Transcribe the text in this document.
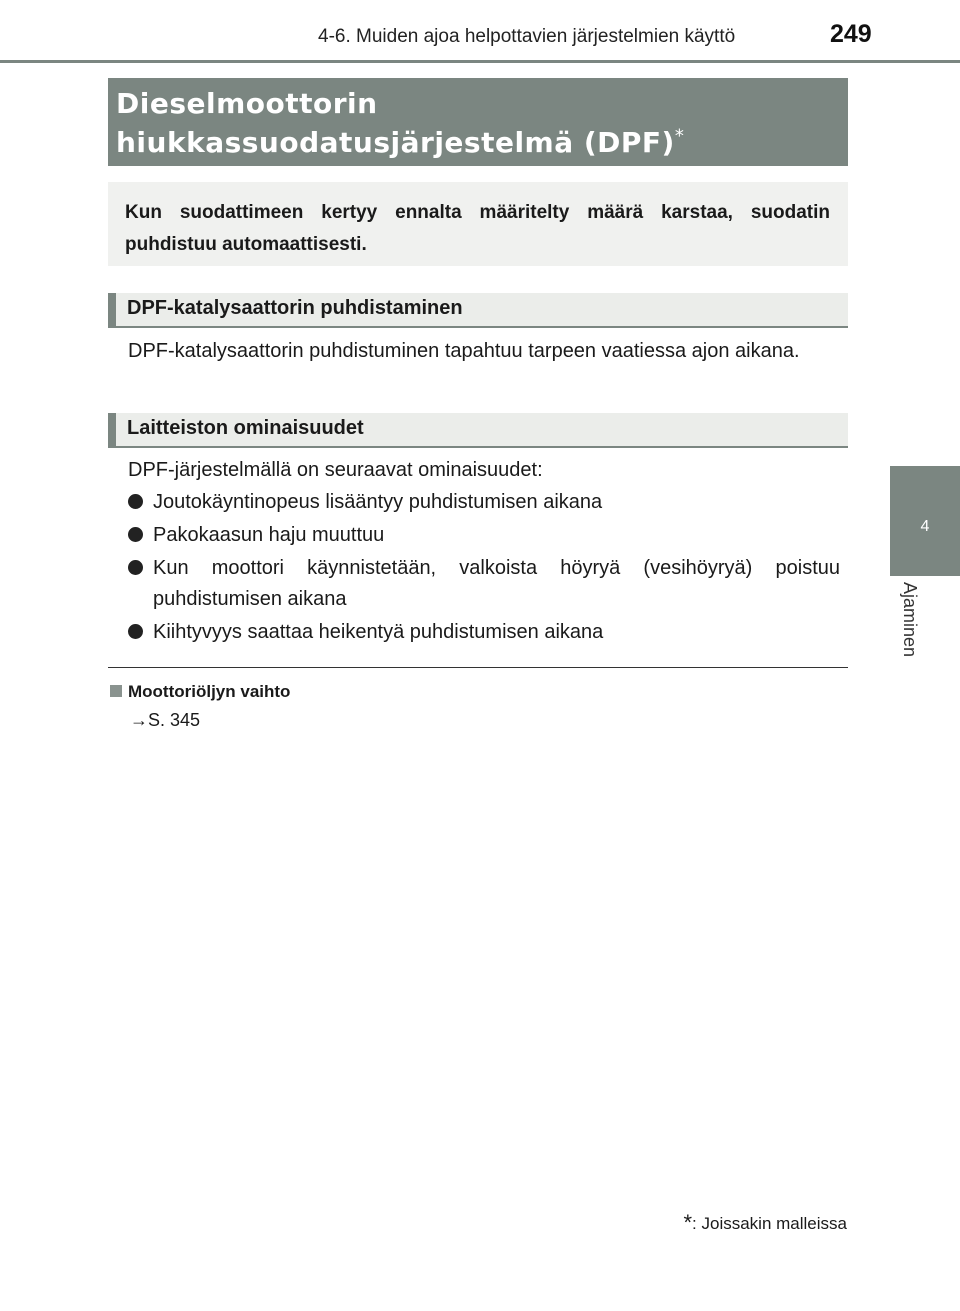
4-6. Muiden ajoa helpottavien järjestelmien käyttö	249
4
Ajaminen
Dieselmoottorin
hiukkassuodatusjärjestelmä (DPF)*
Kun suodattimeen kertyy ennalta määritelty määrä karstaa, suodatin puhdistuu automaattisesti.
DPF-katalysaattorin puhdistaminen
DPF-katalysaattorin puhdistuminen tapahtuu tarpeen vaatiessa ajon aikana.
Laitteiston ominaisuudet
DPF-järjestelmällä on seuraavat ominaisuudet:
Joutokäyntinopeus lisääntyy puhdistumisen aikana
Pakokaasun haju muuttuu
Kun moottori käynnistetään, valkoista höyryä (vesihöyryä) poistuu puhdistumisen aikana
Kiihtyvyys saattaa heikentyä puhdistumisen aikana
Moottoriöljyn vaihto
→S. 345
*: Joissakin malleissa
